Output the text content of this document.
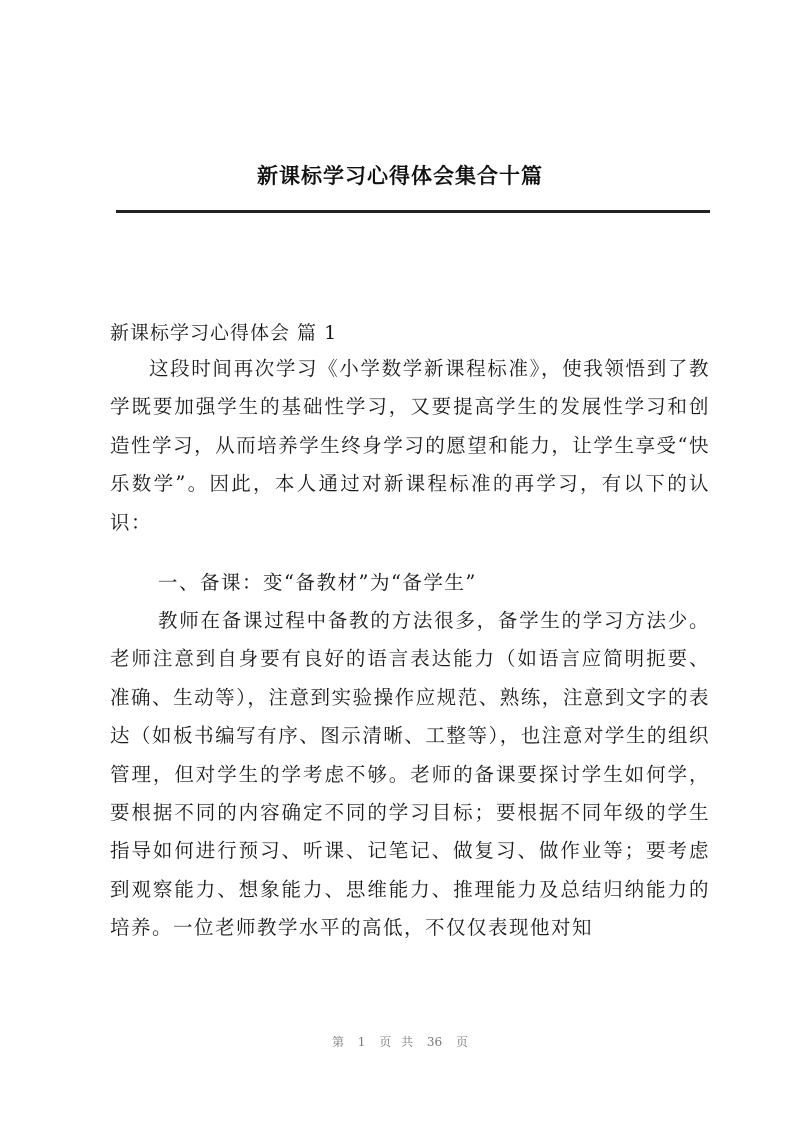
新课标学习心得体会集合十篇
新课标学习心得体会 篇 1

这段时间再次学习《小学数学新课程标准》，使我领悟到了教学既要加强学生的基础性学习，又要提高学生的发展性学习和创造性学习，从而培养学生终身学习的愿望和能力，让学生享受“快乐数学”。因此，本人通过对新课程标准的再学习，有以下的认识：

一、备课：变“备教材”为“备学生”

教师在备课过程中备教的方法很多，备学生的学习方法少。老师注意到自身要有良好的语言表达能力（如语言应简明扼要、准确、生动等），注意到实验操作应规范、熟练，注意到文字的表达（如板书编写有序、图示清晰、工整等），也注意对学生的组织管理，但对学生的学考虑不够。老师的备课要探讨学生如何学，要根据不同的内容确定不同的学习目标；要根据不同年级的学生指导如何进行预习、听课、记笔记、做复习、做作业等；要考虑到观察能力、想象能力、思维能力、推理能力及总结归纳能力的培养。一位老师教学水平的高低，不仅仅表现他对知

第 1 页 共 36 页
